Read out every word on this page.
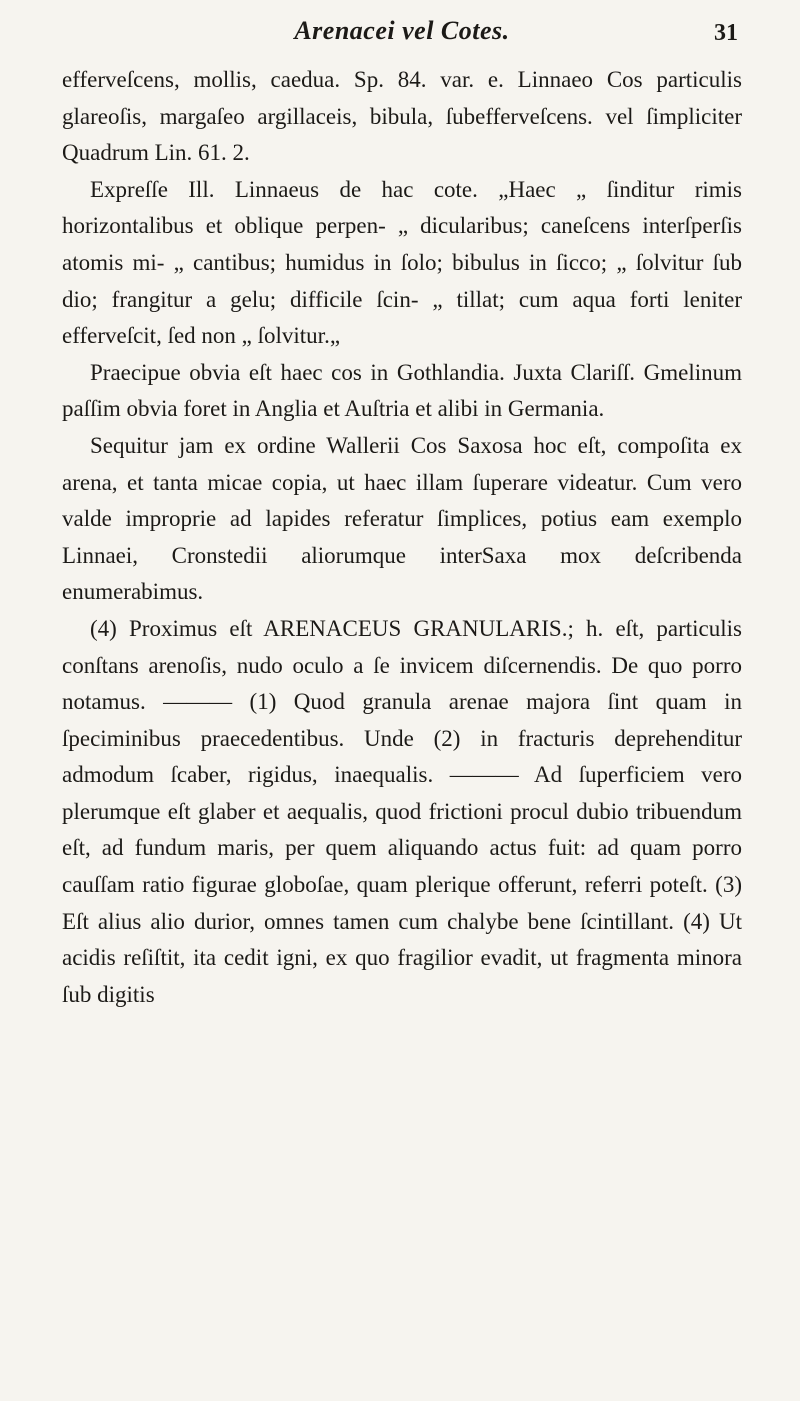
Arenacei vel Cotes.	31

efferveſcens, mollis, caedua. Sp. 84. var. e. Linnaeo Cos particulis glareoſis, margaſeo argillaceis, bibula, ſubefferveſcens. vel ſimpliciter Quadrum Lin. 61. 2.

Expreſſe Ill. Linnaeus de hac cote. „Haec „ ſinditur rimis horizontalibus et oblique perpen- „ dicularibus; caneſcens interſperſis atomis mi- „ cantibus; humidus in ſolo; bibulus in ſicco; „ ſolvitur ſub dio; frangitur a gelu; difficile ſcin- „ tillat; cum aqua forti leniter efferveſcit, ſed non „ ſolvitur.„

Praecipue obvia eſt haec cos in Gothlandia. Juxta Clariſſ. Gmelinum paſſim obvia foret in Anglia et Auſtria et alibi in Germania.

Sequitur jam ex ordine Wallerii Cos Saxosa hoc eſt, compoſita ex arena, et tanta micae copia, ut haec illam ſuperare videatur. Cum vero valde improprie ad lapides referatur ſimplices, potius eam exemplo Linnaei, Cronstedii aliorumque interSaxa mox deſcribenda enumerabimus.

(4) Proximus eſt ARENACEUS GRANULARIS.; h. eſt, particulis conſtans arenoſis, nudo oculo a ſe invicem diſcernendis. De quo porro notamus. ——— (1) Quod granula arenae majora ſint quam in ſpeciminibus praecedentibus. Unde (2) in fracturis deprehenditur admodum ſcaber, rigidus, inaequalis. ——— Ad ſuperficiem vero plerumque eſt glaber et aequalis, quod frictioni procul dubio tribuendum eſt, ad fundum maris, per quem aliquando actus fuit: ad quam porro cauſſam ratio figurae globoſae, quam plerique offerunt, referri poteſt. (3) Eſt alius alio durior, omnes tamen cum chalybe bene ſcintillant. (4) Ut acidis reſiſtit, ita cedit igni, ex quo fragilior evadit, ut fragmenta minora ſub digitis
